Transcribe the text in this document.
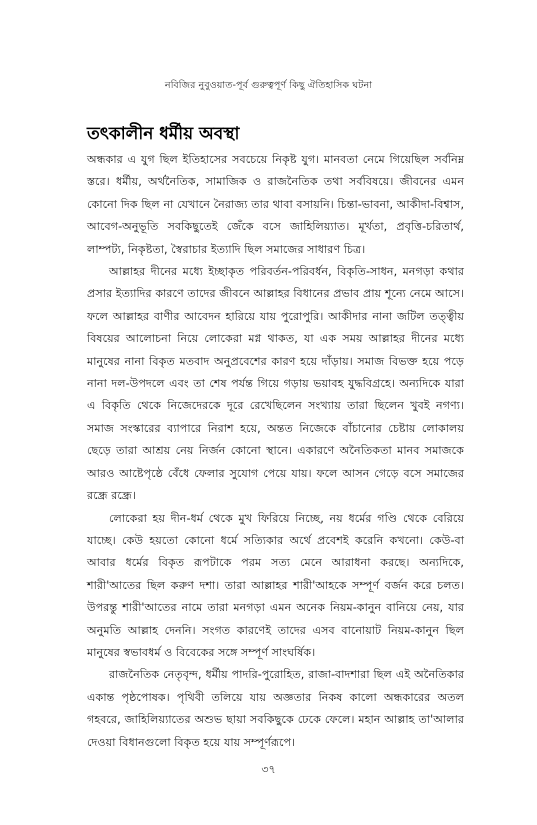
নবিজির নুবুওয়াত-পূর্ব গুরুত্বপূর্ণ কিছু ঐতিহাসিক ঘটনা
তৎকালীন ধর্মীয় অবস্থা

অন্ধকার এ যুগ ছিল ইতিহাসের সবচেয়ে নিকৃষ্ট যুগ। মানবতা নেমে গিয়েছিল সর্বনিম্ন স্তরে। ধর্মীয়, অর্থনৈতিক, সামাজিক ও রাজনৈতিক তথা সর্ববিষয়ে। জীবনের এমন কোনো দিক ছিল না যেখানে নৈরাজ্য তার থাবা বসায়নি। চিন্তা-ভাবনা, আকীদা-বিশ্বাস, আবেগ-অনুভূতি সবকিছুতেই জেঁকে বসে জাহিলিয়্যাত। মূর্খতা, প্রবৃত্তি-চরিতার্থ, লাম্পট্য, নিকৃষ্টতা, স্বৈরাচার ইত্যাদি ছিল সমাজের সাধারণ চিত্র।

আল্লাহর দীনের মধ্যে ইচ্ছাকৃত পরিবর্তন-পরিবর্ধন, বিকৃতি-সাধন, মনগড়া কথার প্রসার ইত্যাদির কারণে তাদের জীবনে আল্লাহর বিধানের প্রভাব প্রায় শূন্যে নেমে আসে। ফলে আল্লাহর বাণীর আবেদন হারিয়ে যায় পুরোপুরি। আকীদার নানা জটিল তত্ত্বীয় বিষয়ের আলোচনা নিয়ে লোকেরা মগ্ন থাকত, যা এক সময় আল্লাহর দীনের মধ্যে মানুষের নানা বিকৃত মতবাদ অনুপ্রবেশের কারণ হয়ে দাঁড়ায়। সমাজ বিভক্ত হয়ে পড়ে নানা দল-উপদলে এবং তা শেষ পর্যন্ত গিয়ে গড়ায় ভয়াবহ যুদ্ধবিগ্রহে। অন্যদিকে যারা এ বিকৃতি থেকে নিজেদেরকে দূরে রেখেছিলেন সংখ্যায় তারা ছিলেন খুবই নগণ্য। সমাজ সংস্কারের ব্যাপারে নিরাশ হয়ে, অন্তত নিজেকে বাঁচানোর চেষ্টায় লোকালয় ছেড়ে তারা আশ্রয় নেয় নির্জন কোনো স্থানে। একারণে অনৈতিকতা মানব সমাজকে আরও আষ্টেপৃষ্ঠে বেঁধে ফেলার সুযোগ পেয়ে যায়। ফলে আসন গেড়ে বসে সমাজের রন্ধ্রে রন্ধ্রে।

লোকেরা হয় দীন-ধর্ম থেকে মুখ ফিরিয়ে নিচ্ছে, নয় ধর্মের গণ্ডি থেকে বেরিয়ে যাচ্ছে। কেউ হয়তো কোনো ধর্মে সত্যিকার অর্থে প্রবেশই করেনি কখনো। কেউ-বা আবার ধর্মের বিকৃত রূপটাকে পরম সত্য মেনে আরাধনা করছে। অন্যদিকে, শারী'আতের ছিল করুণ দশা। তারা আল্লাহর শারী'আহকে সম্পূর্ণ বর্জন করে চলত। উপরন্তু শারী'আতের নামে তারা মনগড়া এমন অনেক নিয়ম-কানুন বানিয়ে নেয়, যার অনুমতি আল্লাহ দেননি। সংগত কারণেই তাদের এসব বানোয়াট নিয়ম-কানুন ছিল মানুষের স্বভাবধর্ম ও বিবেকের সঙ্গে সম্পূর্ণ সাংঘর্ষিক।

রাজনৈতিক নেতৃবৃন্দ, ধর্মীয় পাদরি-পুরোহিত, রাজা-বাদশারা ছিল এই অনৈতিকার একান্ত পৃষ্ঠপোষক। পৃথিবী তলিয়ে যায় অজ্ঞতার নিকষ কালো অন্ধকারের অতল গহবরে, জাহিলিয়্যাতের অশুভ ছায়া সবকিছুকে ঢেকে ফেলে। মহান আল্লাহ তা'আলার দেওয়া বিধানগুলো বিকৃত হয়ে যায় সম্পূর্ণরূপে।

৩৭
